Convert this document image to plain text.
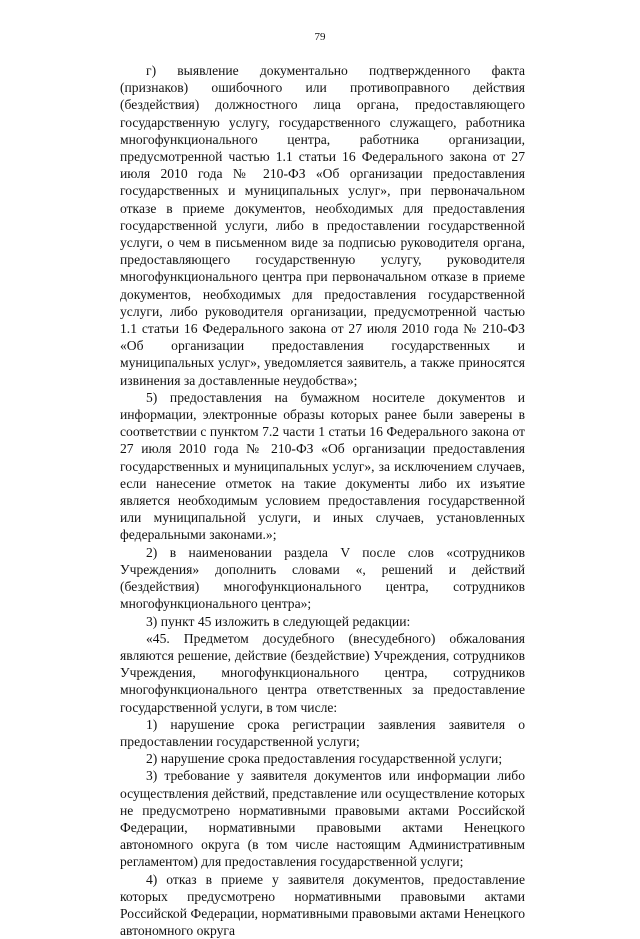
79

г) выявление документально подтвержденного факта (признаков) ошибочного или противоправного действия (бездействия) должностного лица органа, предоставляющего государственную услугу, государственного служащего, работника многофункционального центра, работника организации, предусмотренной частью 1.1 статьи 16 Федерального закона от 27 июля 2010 года № 210-ФЗ «Об организации предоставления государственных и муниципальных услуг», при первоначальном отказе в приеме документов, необходимых для предоставления государственной услуги, либо в предоставлении государственной услуги, о чем в письменном виде за подписью руководителя органа, предоставляющего государственную услугу, руководителя многофункционального центра при первоначальном отказе в приеме документов, необходимых для предоставления государственной услуги, либо руководителя организации, предусмотренной частью 1.1 статьи 16 Федерального закона от 27 июля 2010 года № 210-ФЗ «Об организации предоставления государственных и муниципальных услуг», уведомляется заявитель, а также приносятся извинения за доставленные неудобства»;

5) предоставления на бумажном носителе документов и информации, электронные образы которых ранее были заверены в соответствии с пунктом 7.2 части 1 статьи 16 Федерального закона от 27 июля 2010 года № 210-ФЗ «Об организации предоставления государственных и муниципальных услуг», за исключением случаев, если нанесение отметок на такие документы либо их изъятие является необходимым условием предоставления государственной или муниципальной услуги, и иных случаев, установленных федеральными законами.»;

2) в наименовании раздела V после слов «сотрудников Учреждения» дополнить словами «, решений и действий (бездействия) многофункционального центра, сотрудников многофункционального центра»;

3) пункт 45 изложить в следующей редакции:

«45. Предметом досудебного (внесудебного) обжалования являются решение, действие (бездействие) Учреждения, сотрудников Учреждения, многофункционального центра, сотрудников многофункционального центра ответственных за предоставление государственной услуги, в том числе:

1) нарушение срока регистрации заявления заявителя о предоставлении государственной услуги;

2) нарушение срока предоставления государственной услуги;

3) требование у заявителя документов или информации либо осуществления действий, представление или осуществление которых не предусмотрено нормативными правовыми актами Российской Федерации, нормативными правовыми актами Ненецкого автономного округа (в том числе настоящим Административным регламентом) для предоставления государственной услуги;

4) отказ в приеме у заявителя документов, предоставление которых предусмотрено нормативными правовыми актами Российской Федерации, нормативными правовыми актами Ненецкого автономного округа
